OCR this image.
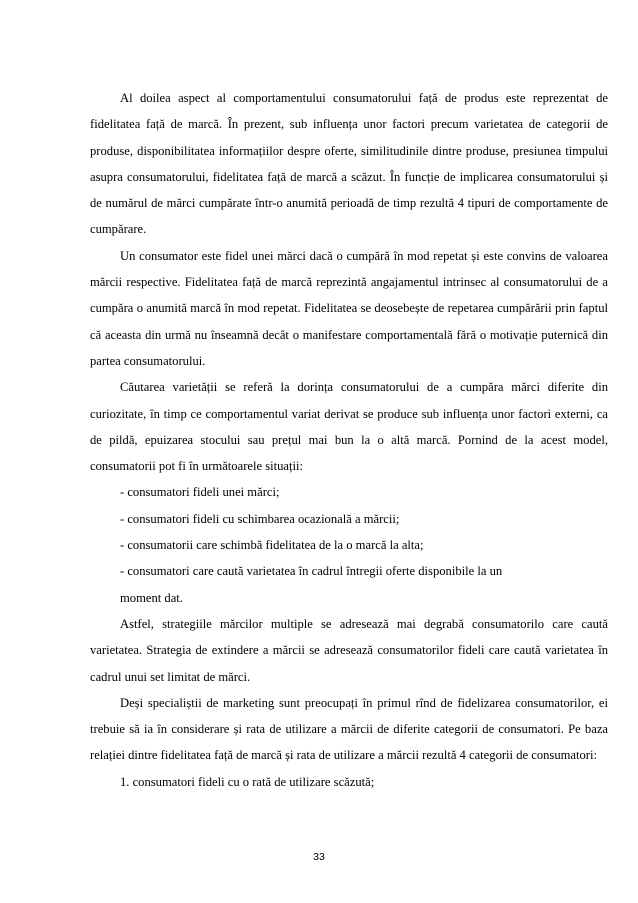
Al doilea aspect al comportamentului consumatorului față de produs este reprezentat de fidelitatea față de marcă. În prezent, sub influența unor factori precum varietatea de categorii de produse, disponibilitatea informațiilor despre oferte, similitudinile dintre produse, presiunea timpului asupra consumatorului, fidelitatea față de marcă a scăzut. În funcție de implicarea consumatorului și de numărul de mărci cumpărate într-o anumită perioadă de timp rezultă 4 tipuri de comportamente de cumpărare.

Un consumator este fidel unei mărci dacă o cumpără în mod repetat și este convins de valoarea mărcii respective. Fidelitatea față de marcă reprezintă angajamentul intrinsec al consumatorului de a cumpăra o anumită marcă în mod repetat. Fidelitatea se deosebește de repetarea cumpărării prin faptul că aceasta din urmă nu înseamnă decât o manifestare comportamentală fără o motivație puternică din partea consumatorului.

Căutarea varietății se referă la dorința consumatorului de a cumpăra mărci diferite din curiozitate, în timp ce comportamentul variat derivat se produce sub influența unor factori externi, ca de pildă, epuizarea stocului sau prețul mai bun la o altă marcă. Pornind de la acest model, consumatorii pot fi în următoarele situații:

- consumatori fideli unei mărci;

- consumatori fideli cu schimbarea ocazională a mărcii;

- consumatorii care schimbă fidelitatea de la o marcă la alta;

- consumatori care caută varietatea în cadrul întregii oferte disponibile la un

moment dat.

Astfel, strategiile mărcilor multiple se adresează mai degrabă consumatorilo care caută varietatea. Strategia de extindere a mărcii se adresează consumatorilor fideli care caută varietatea în cadrul unui set limitat de mărci.

Deși specialiștii de marketing sunt preocupați în primul rînd de fidelizarea consumatorilor, ei trebuie să ia în considerare și rata de utilizare a mărcii de diferite categorii de consumatori. Pe baza relației dintre fidelitatea față de marcă și rata de utilizare a mărcii rezultă 4 categorii de consumatori:

1. consumatori fideli cu o rată de utilizare scăzută;

33
